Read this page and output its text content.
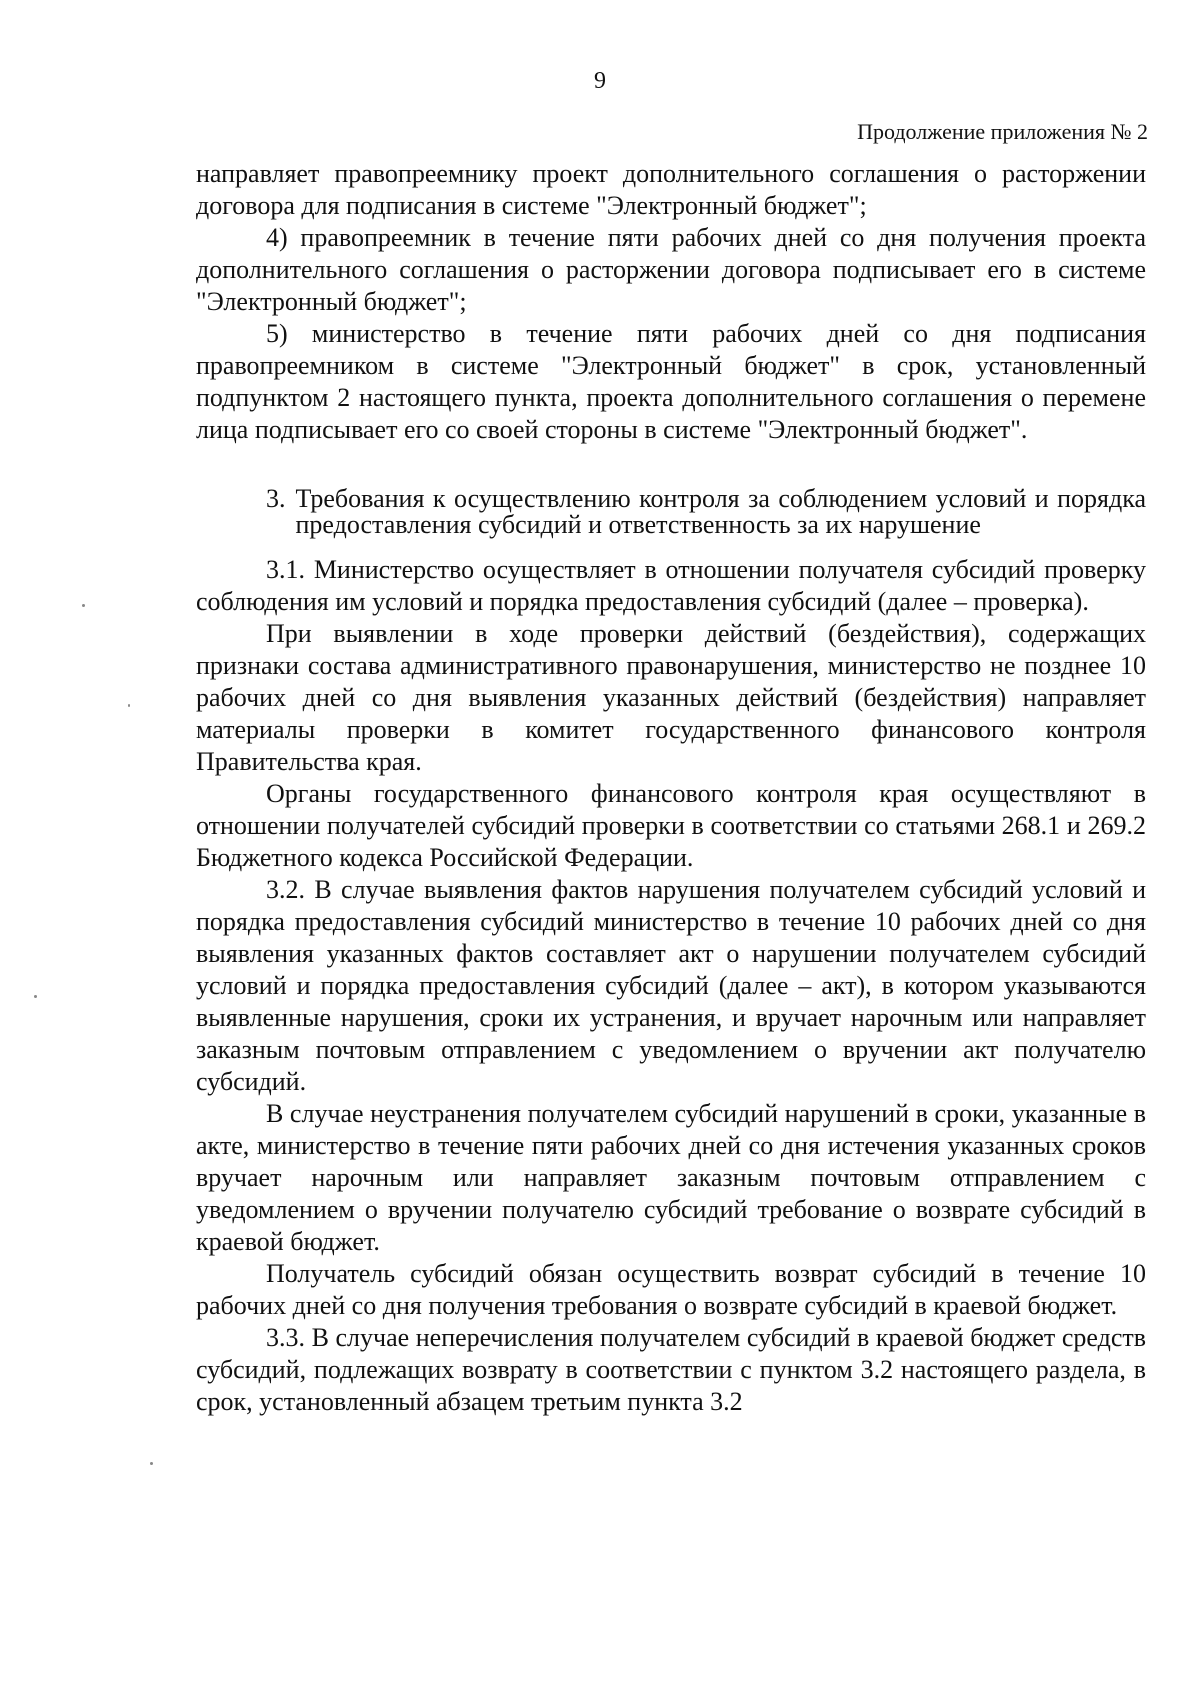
9
Продолжение приложения № 2

направляет правопреемнику проект дополнительного соглашения о расторжении договора для подписания в системе "Электронный бюджет";

4) правопреемник в течение пяти рабочих дней со дня получения проекта дополнительного соглашения о расторжении договора подписывает его в системе "Электронный бюджет";

5) министерство в течение пяти рабочих дней со дня подписания правопреемником в системе "Электронный бюджет" в срок, установленный подпунктом 2 настоящего пункта, проекта дополнительного соглашения о перемене лица подписывает его со своей стороны в системе "Электронный бюджет".

3. Требования к осуществлению контроля за соблюдением условий и порядка предоставления субсидий и ответственность за их нарушение

3.1. Министерство осуществляет в отношении получателя субсидий проверку соблюдения им условий и порядка предоставления субсидий (далее – проверка).

При выявлении в ходе проверки действий (бездействия), содержащих признаки состава административного правонарушения, министерство не позднее 10 рабочих дней со дня выявления указанных действий (бездействия) направляет материалы проверки в комитет государственного финансового контроля Правительства края.

Органы государственного финансового контроля края осуществляют в отношении получателей субсидий проверки в соответствии со статьями 268.1 и 269.2 Бюджетного кодекса Российской Федерации.

3.2. В случае выявления фактов нарушения получателем субсидий условий и порядка предоставления субсидий министерство в течение 10 рабочих дней со дня выявления указанных фактов составляет акт о нарушении получателем субсидий условий и порядка предоставления субсидий (далее – акт), в котором указываются выявленные нарушения, сроки их устранения, и вручает нарочным или направляет заказным почтовым отправлением с уведомлением о вручении акт получателю субсидий.

В случае неустранения получателем субсидий нарушений в сроки, указанные в акте, министерство в течение пяти рабочих дней со дня истечения указанных сроков вручает нарочным или направляет заказным почтовым отправлением с уведомлением о вручении получателю субсидий требование о возврате субсидий в краевой бюджет.

Получатель субсидий обязан осуществить возврат субсидий в течение 10 рабочих дней со дня получения требования о возврате субсидий в краевой бюджет.

3.3. В случае неперечисления получателем субсидий в краевой бюджет средств субсидий, подлежащих возврату в соответствии с пунктом 3.2 настоящего раздела, в срок, установленный абзацем третьим пункта 3.2
